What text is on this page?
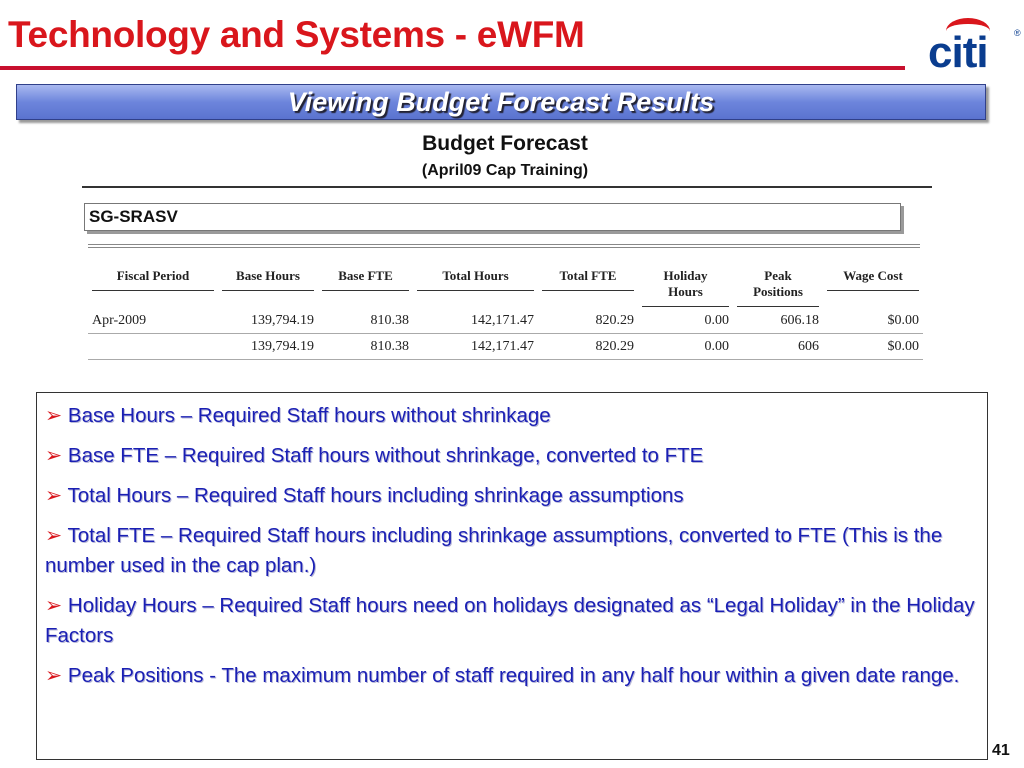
Technology and Systems - eWFM	citi	®
Viewing Budget Forecast Results
Budget Forecast
(April09 Cap Training)
SG-SRASV
Fiscal Period	Base Hours	Base FTE	Total Hours	Total FTE	Holiday Hours	Peak Positions	Wage Cost

Apr-2009	139,794.19	810.38	142,171.47	820.29	0.00	606.18	$0.00
	139,794.19	810.38	142,171.47	820.29	0.00	606	$0.00

➢ Base Hours – Required Staff hours without shrinkage

➢ Base FTE – Required Staff hours without shrinkage, converted to FTE

➢ Total Hours – Required Staff hours including shrinkage assumptions

➢ Total FTE – Required Staff hours including shrinkage assumptions, converted to FTE (This is the number used in the cap plan.)

➢ Holiday Hours – Required Staff hours need on holidays designated as “Legal Holiday” in the Holiday Factors

➢ Peak Positions - The maximum number of staff required in any half hour within a given date range.

41
